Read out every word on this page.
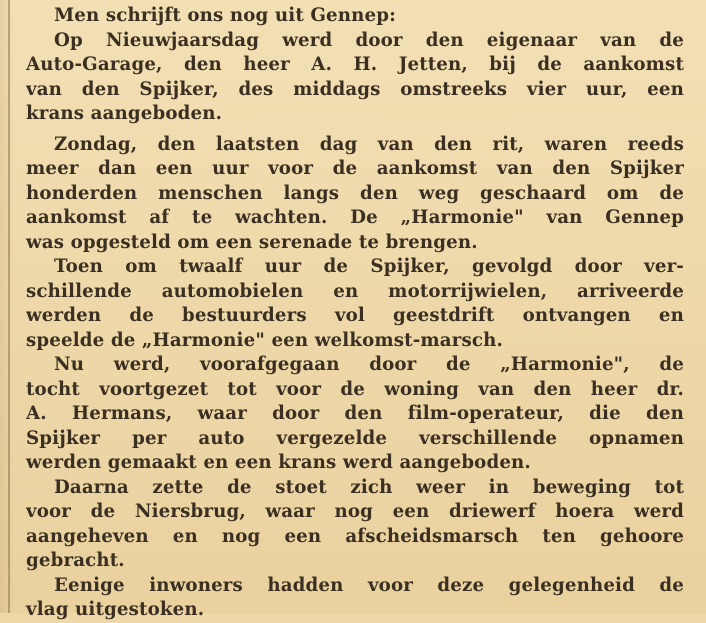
Men schrijft ons nog uit Gennep:
Op Nieuwjaarsdag werd door den eigenaar van de
Auto-Garage, den heer A. H. Jetten, bij de aankomst
van den Spijker, des middags omstreeks vier uur, een
krans aangeboden.
Zondag, den laatsten dag van den rit, waren reeds
meer dan een uur voor de aankomst van den Spijker
honderden menschen langs den weg geschaard om de
aankomst af te wachten. De „Harmonie" van Gennep
was opgesteld om een serenade te brengen.
Toen om twaalf uur de Spijker, gevolgd door ver-
schillende automobielen en motorrijwielen, arriveerde
werden de bestuurders vol geestdrift ontvangen en
speelde de „Harmonie" een welkomst-marsch.
Nu werd, voorafgegaan door de „Harmonie", de
tocht voortgezet tot voor de woning van den heer dr.
A. Hermans, waar door den film-operateur, die den
Spijker per auto vergezelde verschillende opnamen
werden gemaakt en een krans werd aangeboden.
Daarna zette de stoet zich weer in beweging tot
voor de Niersbrug, waar nog een driewerf hoera werd
aangeheven en nog een afscheidsmarsch ten gehoore
gebracht.
Eenige inwoners hadden voor deze gelegenheid de
vlag uitgestoken.
